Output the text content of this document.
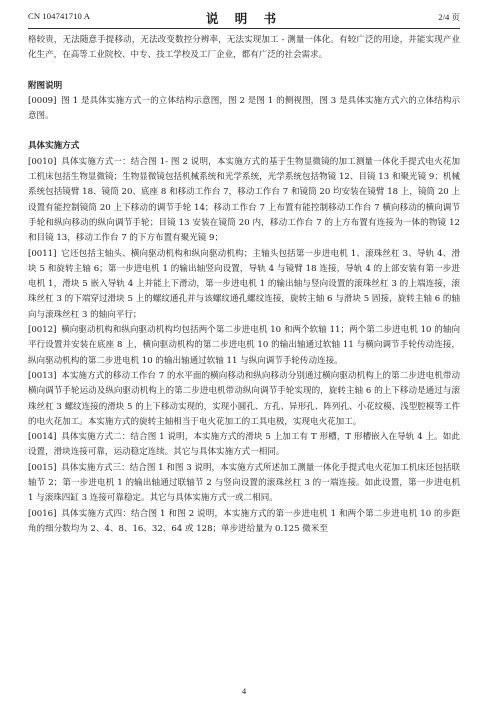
CN 104741710 A	说 明 书	2/4 页

格较贵，无法随意手提移动，无法改变数控分辨率，无法实现加工 - 测量一体化。有较广泛的用途，并能实现产业化生产，在高等工业院校、中专、技工学校及工厂企业，都有广泛的社会需求。

附图说明

[0009] 图 1 是具体实施方式一的立体结构示意图，图 2 是图 1 的侧视图，图 3 是具体实施方式六的立体结构示意图。

具体实施方式

[0010] 具体实施方式一：结合图 1- 图 2 说明，本实施方式的基于生物显微镜的加工测量一体化手提式电火花加工机床包括生物显微镜；生物显微镜包括机械系统和光学系统，光学系统包括物镜 12、目镜 13 和聚光镜 9；机械系统包括镜臂 18、镜筒 20、底座 8 和移动工作台 7，移动工作台 7 和镜筒 20 均安装在镜臂 18 上，镜筒 20 上设置有能控制镜筒 20 上下移动的调节手轮 14；移动工作台 7 上布置有能控制移动工作台 7 横向移动的横向调节手轮和纵向移动的纵向调节手轮；目镜 13 安装在镜筒 20 内，移动工作台 7 的上方布置有连接为一体的物镜 12 和目镜 13，移动工作台 7 的下方布置有聚光镜 9；

[0011] 它还包括主轴头、横向驱动机构和纵向驱动机构；主轴头包括第一步进电机 1、滚珠丝杠 3、导轨 4、滑块 5 和旋转主轴 6；第一步进电机 1 的输出轴竖向设置，导轨 4 与镜臂 18 连接，导轨 4 的上部安装有第一步进电机 1，滑块 5 嵌入导轨 4 上并能上下滑动，第一步进电机 1 的输出轴与竖向设置的滚珠丝杠 3 的上端连接，滚珠丝杠 3 的下端穿过滑块 5 上的螺纹通孔并与该螺纹通孔螺纹连接，旋转主轴 6 与滑块 5 固接，旋转主轴 6 的轴向与滚珠丝杠 3 的轴向平行；

[0012] 横向驱动机构和纵向驱动机构均包括两个第二步进电机 10 和两个软轴 11；两个第二步进电机 10 的轴向平行设置并安装在底座 8 上，横向驱动机构的第二步进电机 10 的输出轴通过软轴 11 与横向调节手轮传动连接，纵向驱动机构的第二步进电机 10 的输出轴通过软轴 11 与纵向调节手轮传动连接。

[0013] 本实施方式的移动工作台 7 的水平面的横向移动和纵向移动分别通过横向驱动机构上的第二步进电机带动横向调节手轮运动及纵向驱动机构上的第二步进电机带动纵向调节手轮实现的，旋转主轴 6 的上下移动是通过与滚珠丝杠 3 螺纹连接的滑块 5 的上下移动实现的，实现小圆孔、方孔、异形孔、阵列孔、小花纹模、浅型腔模等工件的电火花加工。本实施方式的旋转主轴相当于电火花加工的工具电极，实现电火花加工。

[0014] 具体实施方式二：结合图 1 说明，本实施方式的滑块 5 上加工有 T 形槽，T 形槽嵌入在导轨 4 上。如此设置，滑块连接可靠，运动稳定连续。其它与具体实施方式一相同。

[0015] 具体实施方式三：结合图 1 和图 3 说明，本实施方式所述加工测量一体化手提式电火花加工机床还包括联轴节 2；第一步进电机 1 的输出轴通过联轴节 2 与竖向设置的滚珠丝杠 3 的一端连接。如此设置，第一步进电机 1 与滚珠四缸 3 连接可靠稳定。其它与具体实施方式一或二相同。

[0016] 具体实施方式四：结合图 1 和图 2 说明，本实施方式的第一步进电机 1 和两个第二步进电机 10 的步距角的细分数均为 2、4、8、16、32、64 或 128；单步进给量为 0.125 微米至

4
